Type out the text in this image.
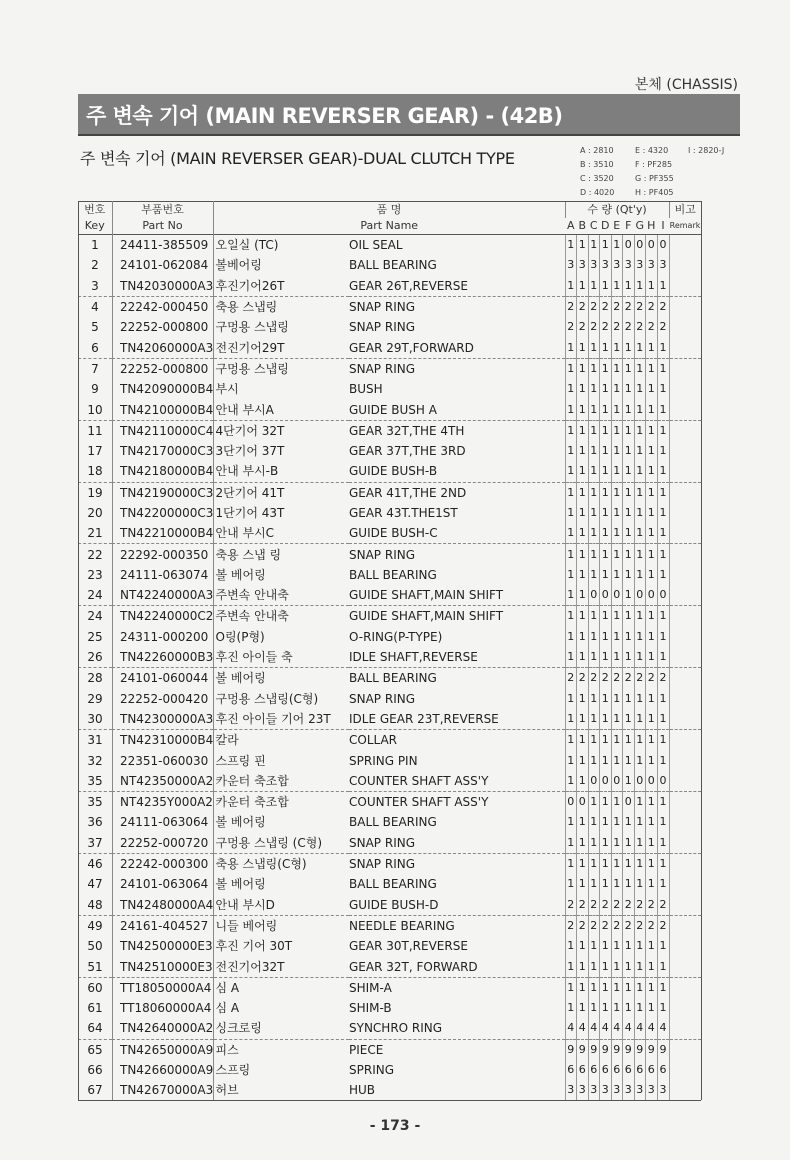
본체 (CHASSIS)
주 변속 기어 (MAIN REVERSER GEAR) - (42B)
주 변속 기어 (MAIN REVERSER GEAR)-DUAL CLUTCH TYPE	A : 2810	E : 4320 I : 2820-J
B : 3510	F : PF285
C : 3520	G : PF355
D : 4020	H : PF405
번호	부품번호	품 명		수 량 (Qt'y)									비고
Key	Part No	Part Name		A	B	C	D	E	F	G	H	I	Remark
1	24411-385509	오일실 (TC)	OIL SEAL	1	1	1	1	1	0	0	0	0	
2	24101-062084	볼베어링	BALL BEARING	3	3	3	3	3	3	3	3	3	
3	TN42030000A3	후진기어26T	GEAR 26T,REVERSE	1	1	1	1	1	1	1	1	1	
4	22242-000450	축용 스냅링	SNAP RING	2	2	2	2	2	2	2	2	2	
5	22252-000800	구멍용 스냅링	SNAP RING	2	2	2	2	2	2	2	2	2	
6	TN42060000A3	전진기어29T	GEAR 29T,FORWARD	1	1	1	1	1	1	1	1	1	
7	22252-000800	구멍용 스냅링	SNAP RING	1	1	1	1	1	1	1	1	1	
9	TN42090000B4	부시	BUSH	1	1	1	1	1	1	1	1	1	
10	TN42100000B4	안내 부시A	GUIDE BUSH A	1	1	1	1	1	1	1	1	1	
11	TN42110000C4	4단기어 32T	GEAR 32T,THE 4TH	1	1	1	1	1	1	1	1	1	
17	TN42170000C3	3단기어 37T	GEAR 37T,THE 3RD	1	1	1	1	1	1	1	1	1	
18	TN42180000B4	안내 부시-B	GUIDE BUSH-B	1	1	1	1	1	1	1	1	1	
19	TN42190000C3	2단기어 41T	GEAR 41T,THE 2ND	1	1	1	1	1	1	1	1	1	
20	TN42200000C3	1단기어 43T	GEAR 43T.THE1ST	1	1	1	1	1	1	1	1	1	
21	TN42210000B4	안내 부시C	GUIDE BUSH-C	1	1	1	1	1	1	1	1	1	
22	22292-000350	축용 스냅 링	SNAP RING	1	1	1	1	1	1	1	1	1	
23	24111-063074	볼 베어링	BALL BEARING	1	1	1	1	1	1	1	1	1	
24	NT42240000A3	주변속 안내축	GUIDE SHAFT,MAIN SHIFT	1	1	0	0	0	1	0	0	0	
24	TN42240000C2	주변속 안내축	GUIDE SHAFT,MAIN SHIFT	1	1	1	1	1	1	1	1	1	
25	24311-000200	O링(P형)	O-RING(P-TYPE)	1	1	1	1	1	1	1	1	1	
26	TN42260000B3	후진 아이들 축	IDLE SHAFT,REVERSE	1	1	1	1	1	1	1	1	1	
28	24101-060044	볼 베어링	BALL BEARING	2	2	2	2	2	2	2	2	2	
29	22252-000420	구멍용 스냅링(C형)	SNAP RING	1	1	1	1	1	1	1	1	1	
30	TN42300000A3	후진 아이들 기어 23T	IDLE GEAR 23T,REVERSE	1	1	1	1	1	1	1	1	1	
31	TN42310000B4	칼라	COLLAR	1	1	1	1	1	1	1	1	1	
32	22351-060030	스프링 핀	SPRING PIN	1	1	1	1	1	1	1	1	1	
35	NT42350000A2	카운터 축조합	COUNTER SHAFT ASS'Y	1	1	0	0	0	1	0	0	0	
35	NT4235Y000A2	카운터 축조합	COUNTER SHAFT ASS'Y	0	0	1	1	1	0	1	1	1	
36	24111-063064	볼 베어링	BALL BEARING	1	1	1	1	1	1	1	1	1	
37	22252-000720	구멍용 스냅링 (C형)	SNAP RING	1	1	1	1	1	1	1	1	1	
46	22242-000300	축용 스냅링(C형)	SNAP RING	1	1	1	1	1	1	1	1	1	
47	24101-063064	볼 베어링	BALL BEARING	1	1	1	1	1	1	1	1	1	
48	TN42480000A4	안내 부시D	GUIDE BUSH-D	2	2	2	2	2	2	2	2	2	
49	24161-404527	니들 베어링	NEEDLE BEARING	2	2	2	2	2	2	2	2	2	
50	TN42500000E3	후진 기어 30T	GEAR 30T,REVERSE	1	1	1	1	1	1	1	1	1	
51	TN42510000E3	전진기어32T	GEAR 32T, FORWARD	1	1	1	1	1	1	1	1	1	
60	TT18050000A4	심 A	SHIM-A	1	1	1	1	1	1	1	1	1	
61	TT18060000A4	심 A	SHIM-B	1	1	1	1	1	1	1	1	1	
64	TN42640000A2	싱크로링	SYNCHRO RING	4	4	4	4	4	4	4	4	4	
65	TN42650000A9	피스	PIECE	9	9	9	9	9	9	9	9	9	
66	TN42660000A9	스프링	SPRING	6	6	6	6	6	6	6	6	6	
67	TN42670000A3	허브	HUB	3	3	3	3	3	3	3	3	3	
- 173 -
